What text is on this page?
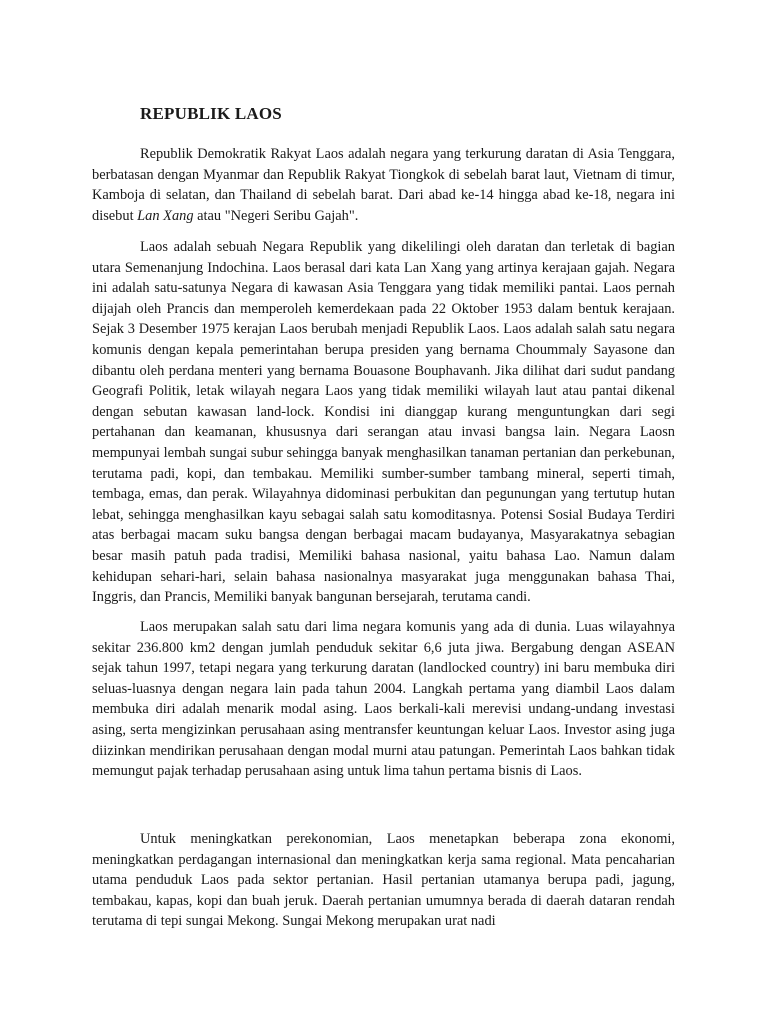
REPUBLIK LAOS

Republik Demokratik Rakyat Laos adalah negara yang terkurung daratan di Asia Tenggara, berbatasan dengan Myanmar dan Republik Rakyat Tiongkok di sebelah barat laut, Vietnam di timur, Kamboja di selatan, dan Thailand di sebelah barat. Dari abad ke-14 hingga abad ke-18, negara ini disebut Lan Xang atau "Negeri Seribu Gajah".

Laos adalah sebuah Negara Republik yang dikelilingi oleh daratan dan terletak di bagian utara Semenanjung Indochina. Laos berasal dari kata Lan Xang yang artinya kerajaan gajah. Negara ini adalah satu-satunya Negara di kawasan Asia Tenggara yang tidak memiliki pantai. Laos pernah dijajah oleh Prancis dan memperoleh kemerdekaan pada 22 Oktober 1953 dalam bentuk kerajaan. Sejak 3 Desember 1975 kerajan Laos berubah menjadi Republik Laos. Laos adalah salah satu negara komunis dengan kepala pemerintahan berupa presiden yang bernama Choummaly Sayasone dan dibantu oleh perdana menteri yang bernama Bouasone Bouphavanh. Jika dilihat dari sudut pandang Geografi Politik, letak wilayah negara Laos yang tidak memiliki wilayah laut atau pantai dikenal dengan sebutan kawasan land-lock. Kondisi ini dianggap kurang menguntungkan dari segi pertahanan dan keamanan, khususnya dari serangan atau invasi bangsa lain. Negara Laosn mempunyai lembah sungai subur sehingga banyak menghasilkan tanaman pertanian dan perkebunan, terutama padi, kopi, dan tembakau. Memiliki sumber-sumber tambang mineral, seperti timah, tembaga, emas, dan perak. Wilayahnya didominasi perbukitan dan pegunungan yang tertutup hutan lebat, sehingga menghasilkan kayu sebagai salah satu komoditasnya. Potensi Sosial Budaya Terdiri atas berbagai macam suku bangsa dengan berbagai macam budayanya, Masyarakatnya sebagian besar masih patuh pada tradisi, Memiliki bahasa nasional, yaitu bahasa Lao. Namun dalam kehidupan sehari-hari, selain bahasa nasionalnya masyarakat juga menggunakan bahasa Thai, Inggris, dan Prancis, Memiliki banyak bangunan bersejarah, terutama candi.

Laos merupakan salah satu dari lima negara komunis yang ada di dunia. Luas wilayahnya sekitar 236.800 km2 dengan jumlah penduduk sekitar 6,6 juta jiwa. Bergabung dengan ASEAN sejak tahun 1997, tetapi negara yang terkurung daratan (landlocked country) ini baru membuka diri seluas-luasnya dengan negara lain pada tahun 2004. Langkah pertama yang diambil Laos dalam membuka diri adalah menarik modal asing. Laos berkali-kali merevisi undang-undang investasi asing, serta mengizinkan perusahaan asing mentransfer keuntungan keluar Laos. Investor asing juga diizinkan mendirikan perusahaan dengan modal murni atau patungan. Pemerintah Laos bahkan tidak memungut pajak terhadap perusahaan asing untuk lima tahun pertama bisnis di Laos.

Untuk meningkatkan perekonomian, Laos menetapkan beberapa zona ekonomi, meningkatkan perdagangan internasional dan meningkatkan kerja sama regional. Mata pencaharian utama penduduk Laos pada sektor pertanian. Hasil pertanian utamanya berupa padi, jagung, tembakau, kapas, kopi dan buah jeruk. Daerah pertanian umumnya berada di daerah dataran rendah terutama di tepi sungai Mekong. Sungai Mekong merupakan urat nadi
